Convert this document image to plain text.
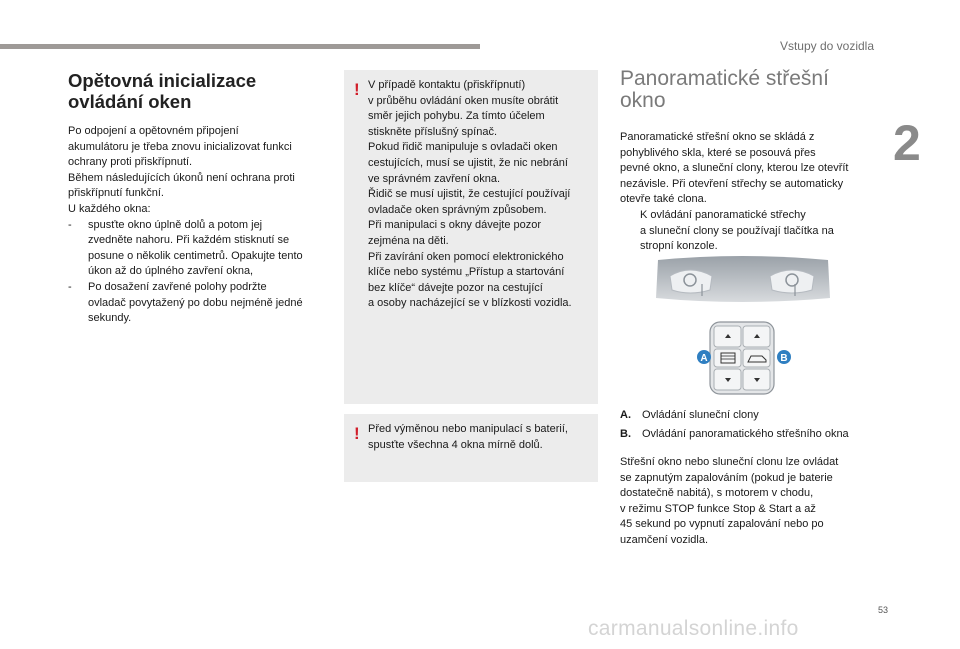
Vstupy do vozidla
2
Opětovná inicializace
ovládání oken

Po odpojení a opětovném připojení
akumulátoru je třeba znovu inicializovat funkci
ochrany proti přiskřípnutí.
Během následujících úkonů není ochrana proti
přiskřípnutí funkční.
U každého okna:

- spusťte okno úplně dolů a potom jej
zvedněte nahoru. Při každém stisknutí se
posune o několik centimetrů. Opakujte tento
úkon až do úplného zavření okna,
- Po dosažení zavřené polohy podržte
ovladač povytažený po dobu nejméně jedné
sekundy.
! V případě kontaktu (přiskřípnutí)
v průběhu ovládání oken musíte obrátit
směr jejich pohybu. Za tímto účelem
stiskněte příslušný spínač.
Pokud řidič manipuluje s ovladači oken
cestujících, musí se ujistit, že nic nebrání
ve správném zavření okna.
Řidič se musí ujistit, že cestující používají
ovladače oken správným způsobem.
Při manipulaci s okny dávejte pozor
zejména na děti.
Při zavírání oken pomocí elektronického
klíče nebo systému „Přístup a startování
bez klíče“ dávejte pozor na cestující
a osoby nacházející se v blízkosti vozidla.

! Před výměnou nebo manipulací s baterií,
spusťte všechna 4 okna mírně dolů.

Panoramatické střešní
okno

Panoramatické střešní okno se skládá z
pohyblivého skla, které se posouvá přes
pevné okno, a sluneční clony, kterou lze otevřít
nezávisle. Při otevření střechy se automaticky
otevře také clona.

K ovládání panoramatické střechy
a sluneční clony se používají tlačítka na
stropní konzole.
A	B
A. Ovládání sluneční clony
B. Ovládání panoramatického střešního okna

Střešní okno nebo sluneční clonu lze ovládat
se zapnutým zapalováním (pokud je baterie
dostatečně nabitá), s motorem v chodu,
v režimu STOP funkce Stop & Start a až
45 sekund po vypnutí zapalování nebo po
uzamčení vozidla.

53
carmanualsonline.info
